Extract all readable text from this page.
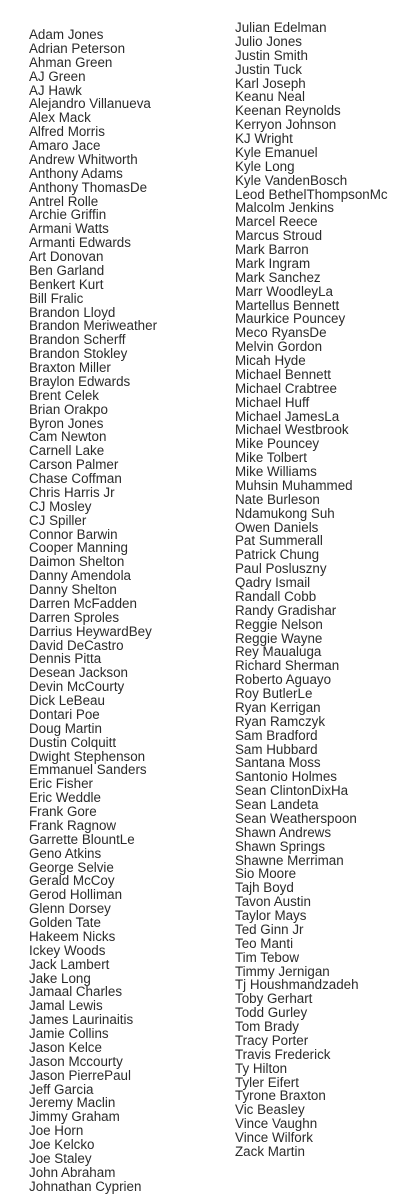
Adam Jones
Adrian Peterson
Ahman Green
AJ Green
AJ Hawk
Alejandro Villanueva
Alex Mack
Alfred Morris
Amaro Jace
Andrew Whitworth
Anthony Adams
Anthony ThomasDe
Antrel Rolle
Archie Griffin
Armani Watts
Armanti Edwards
Art Donovan
Ben Garland
Benkert Kurt
Bill Fralic
Brandon Lloyd
Brandon Meriweather
Brandon Scherff
Brandon Stokley
Braxton Miller
Braylon Edwards
Brent Celek
Brian Orakpo
Byron Jones
Cam Newton
Carnell Lake
Carson Palmer
Chase Coffman
Chris Harris Jr
CJ Mosley
CJ Spiller
Connor Barwin
Cooper Manning
Daimon Shelton
Danny Amendola
Danny Shelton
Darren McFadden
Darren Sproles
Darrius HeywardBey
David DeCastro
Dennis Pitta
Desean Jackson
Devin McCourty
Dick LeBeau
Dontari Poe
Doug Martin
Dustin Colquitt
Dwight Stephenson
Emmanuel Sanders
Eric Fisher
Eric Weddle
Frank Gore
Frank Ragnow
Garrette BlountLe
Geno Atkins
George Selvie
Gerald McCoy
Gerod Holliman
Glenn Dorsey
Golden Tate
Hakeem Nicks
Ickey Woods
Jack Lambert
Jake Long
Jamaal Charles
Jamal Lewis
James Laurinaitis
Jamie Collins
Jason Kelce
Jason Mccourty
Jason PierrePaul
Jeff Garcia
Jeremy Maclin
Jimmy Graham
Joe Horn
Joe Kelcko
Joe Staley
John Abraham
Johnathan Cyprien
Julian Edelman
Julio Jones
Justin Smith
Justin Tuck
Karl Joseph
Keanu Neal
Keenan Reynolds
Kerryon Johnson
KJ Wright
Kyle Emanuel
Kyle Long
Kyle VandenBosch
Leod BethelThompsonMc
Malcolm Jenkins
Marcel Reece
Marcus Stroud
Mark Barron
Mark Ingram
Mark Sanchez
Marr WoodleyLa
Martellus Bennett
Maurkice Pouncey
Meco RyansDe
Melvin Gordon
Micah Hyde
Michael Bennett
Michael Crabtree
Michael Huff
Michael JamesLa
Michael Westbrook
Mike Pouncey
Mike Tolbert
Mike Williams
Muhsin Muhammed
Nate Burleson
Ndamukong Suh
Owen Daniels
Pat Summerall
Patrick Chung
Paul Posluszny
Qadry Ismail
Randall Cobb
Randy Gradishar
Reggie Nelson
Reggie Wayne
Rey Maualuga
Richard Sherman
Roberto Aguayo
Roy ButlerLe
Ryan Kerrigan
Ryan Ramczyk
Sam Bradford
Sam Hubbard
Santana Moss
Santonio Holmes
Sean ClintonDixHa
Sean Landeta
Sean Weatherspoon
Shawn Andrews
Shawn Springs
Shawne Merriman
Sio Moore
Tajh Boyd
Tavon Austin
Taylor Mays
Ted Ginn Jr
Teo Manti
Tim Tebow
Timmy Jernigan
Tj Houshmandzadeh
Toby Gerhart
Todd Gurley
Tom Brady
Tracy Porter
Travis Frederick
Ty Hilton
Tyler Eifert
Tyrone Braxton
Vic Beasley
Vince Vaughn
Vince Wilfork
Zack Martin
